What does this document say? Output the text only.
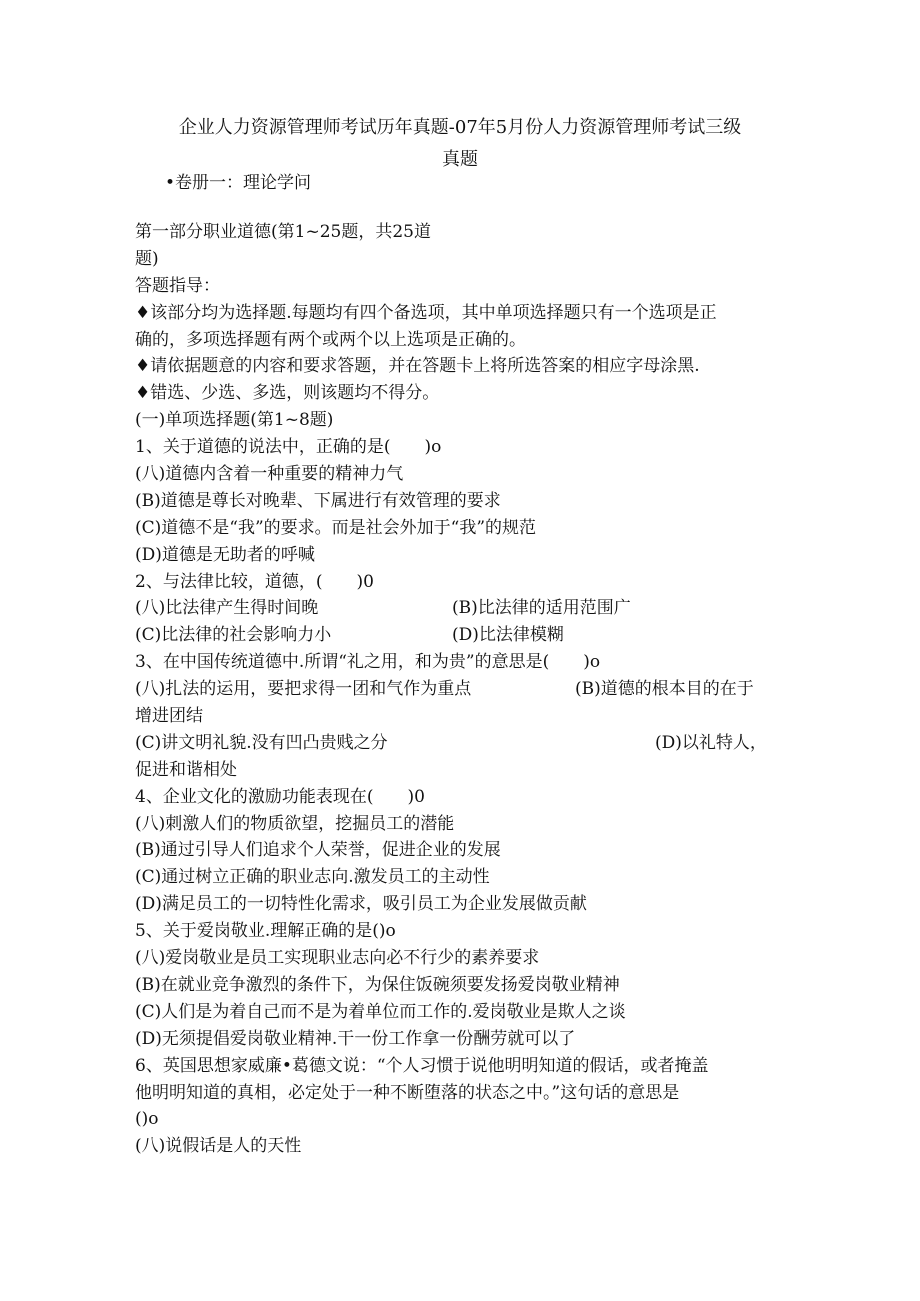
企业人力资源管理师考试历年真题-07年5月份人力资源管理师考试三级
真题
•卷册一：理论学问
第一部分职业道德(第1~25题，共25道
题)
答题指导：
♦该部分均为选择题.每题均有四个备选项，其中单项选择题只有一个选项是正
确的，多项选择题有两个或两个以上选项是正确的。
♦请依据题意的内容和要求答题，并在答题卡上将所选答案的相应字母涂黑.
♦错选、少选、多选，则该题均不得分。
(一)单项选择题(第1~8题)
1、关于道德的说法中，正确的是(　　)o
(八)道德内含着一种重要的精神力气
(B)道德是尊长对晚辈、下属进行有效管理的要求
(C)道德不是“我”的要求。而是社会外加于“我”的规范
(D)道德是无助者的呼喊
2、与法律比较，道德，(　　)0
(八)比法律产生得时间晚	(B)比法律的适用范围广
(C)比法律的社会影响力小	(D)比法律模糊
3、在中国传统道德中.所谓“礼之用，和为贵”的意思是(　　)o
(八)扎法的运用，要把求得一团和气作为重点	(B)道德的根本目的在于
增进团结
(C)讲文明礼貌.没有凹凸贵贱之分	(D)以礼特人，
促进和谐相处
4、企业文化的激励功能表现在(　　)0
(八)刺激人们的物质欲望，挖掘员工的潜能
(B)通过引导人们追求个人荣誉，促进企业的发展
(C)通过树立正确的职业志向.激发员工的主动性
(D)满足员工的一切特性化需求，吸引员工为企业发展做贡献
5、关于爱岗敬业.理解正确的是()o
(八)爱岗敬业是员工实现职业志向必不行少的素养要求
(B)在就业竞争激烈的条件下，为保住饭碗须要发扬爱岗敬业精神
(C)人们是为着自己而不是为着单位而工作的.爱岗敬业是欺人之谈
(D)无须提倡爱岗敬业精神.干一份工作拿一份酬劳就可以了
6、英国思想家威廉•葛德文说：“个人习惯于说他明明知道的假话，或者掩盖
他明明知道的真相，必定处于一种不断堕落的状态之中。”这句话的意思是
()o
(八)说假话是人的天性
